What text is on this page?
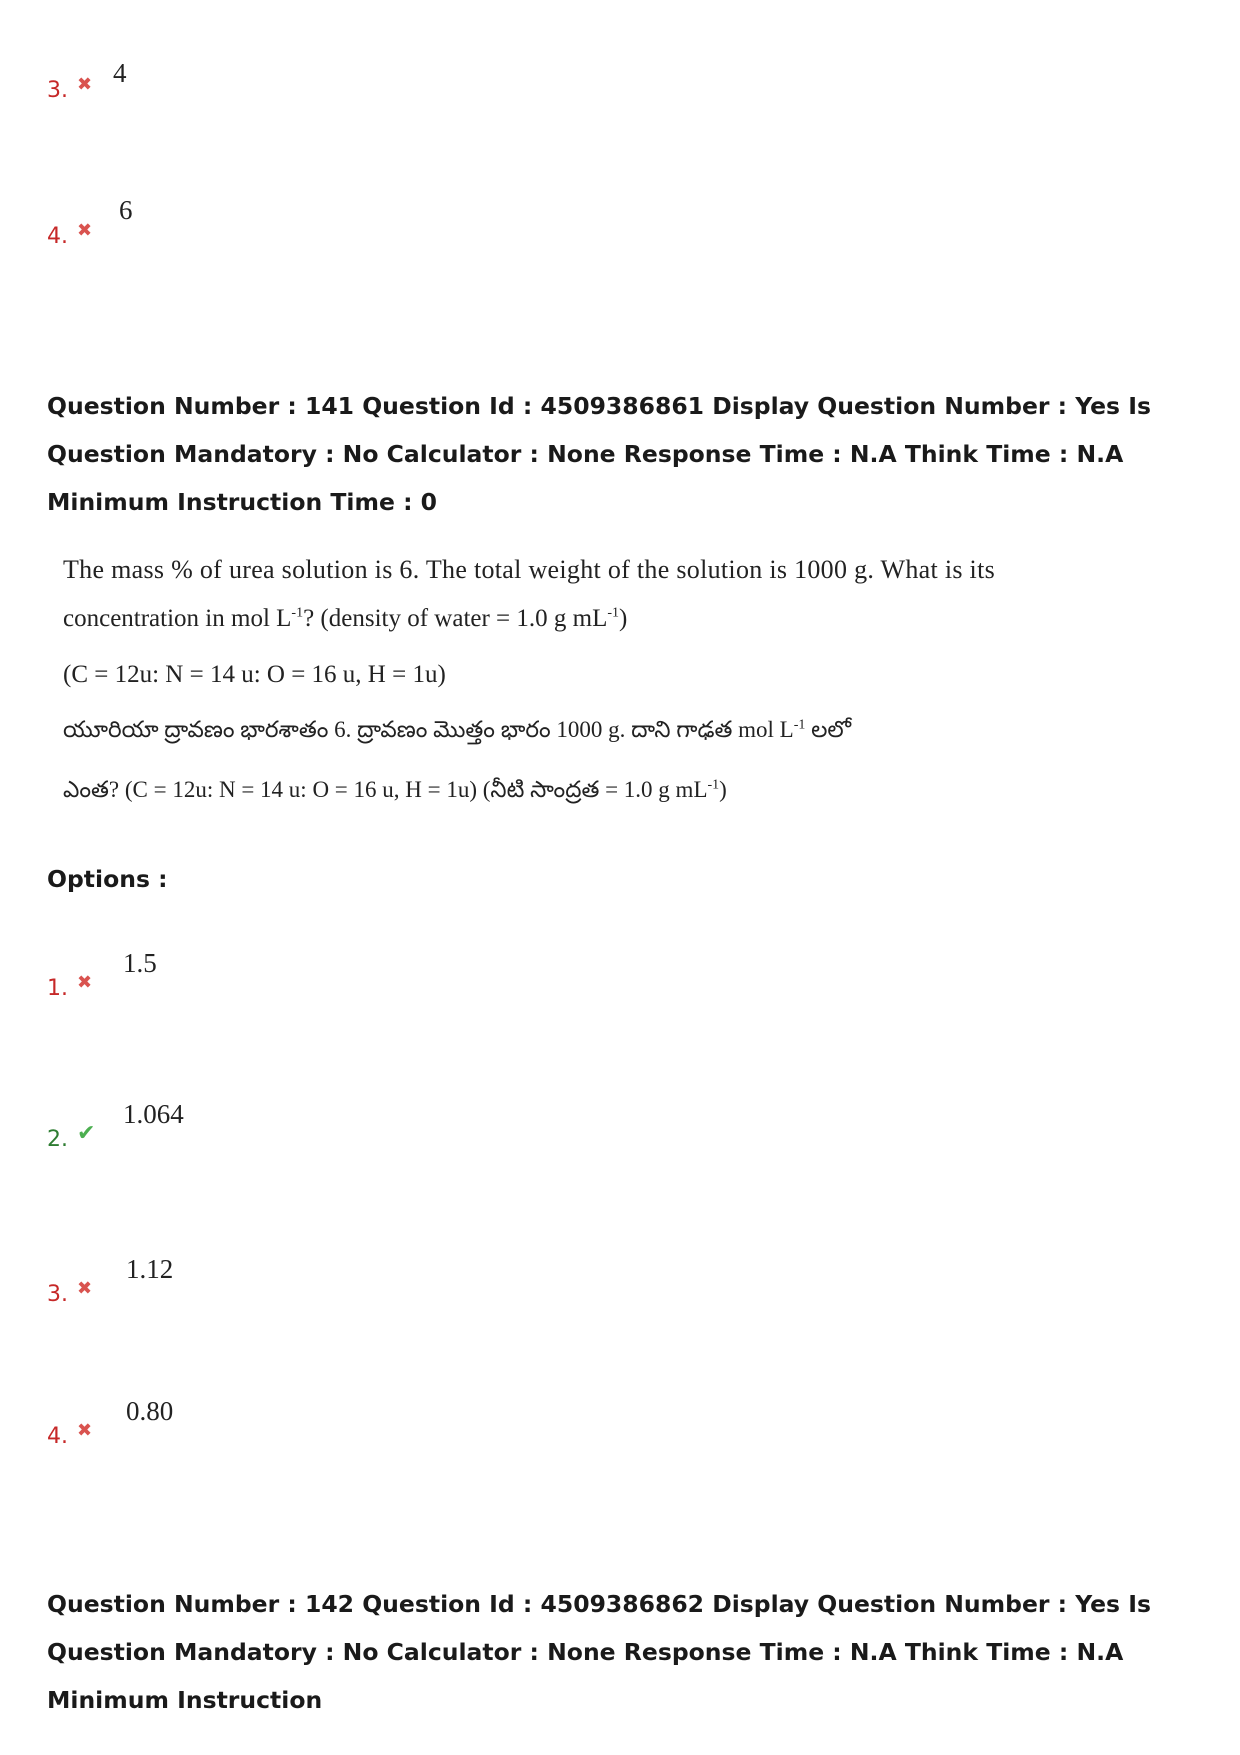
3. ✖ 4
4. ✖
6
Question Number : 141 Question Id : 4509386861 Display Question Number : Yes Is Question Mandatory : No Calculator : None Response Time : N.A Think Time : N.A Minimum Instruction Time : 0
The mass % of urea solution is 6. The total weight of the solution is 1000 g. What is its
concentration in mol $L^{-1}$? (density of water = 1.0 g $mL^{-1}$)
(C = 12u: N = 14 u: O = 16 u, H = 1u)
యూరియా ద్రావణం భారశాతం 6. ద్రావణం మొత్తం భారం 1000 g. దాని గాఢత mol $L^{-1}$ లలో
ఎంత? (C = 12u: N = 14 u: O = 16 u, H = 1u) (నీటి సాంద్రత = 1.0 g $mL^{-1}$)
Options :
1. ✖
1.5
2. ✔
1.064
3. ✖
1.12
4. ✖
0.80
Question Number : 142 Question Id : 4509386862 Display Question Number : Yes Is Question Mandatory : No Calculator : None Response Time : N.A Think Time : N.A Minimum Instruction
